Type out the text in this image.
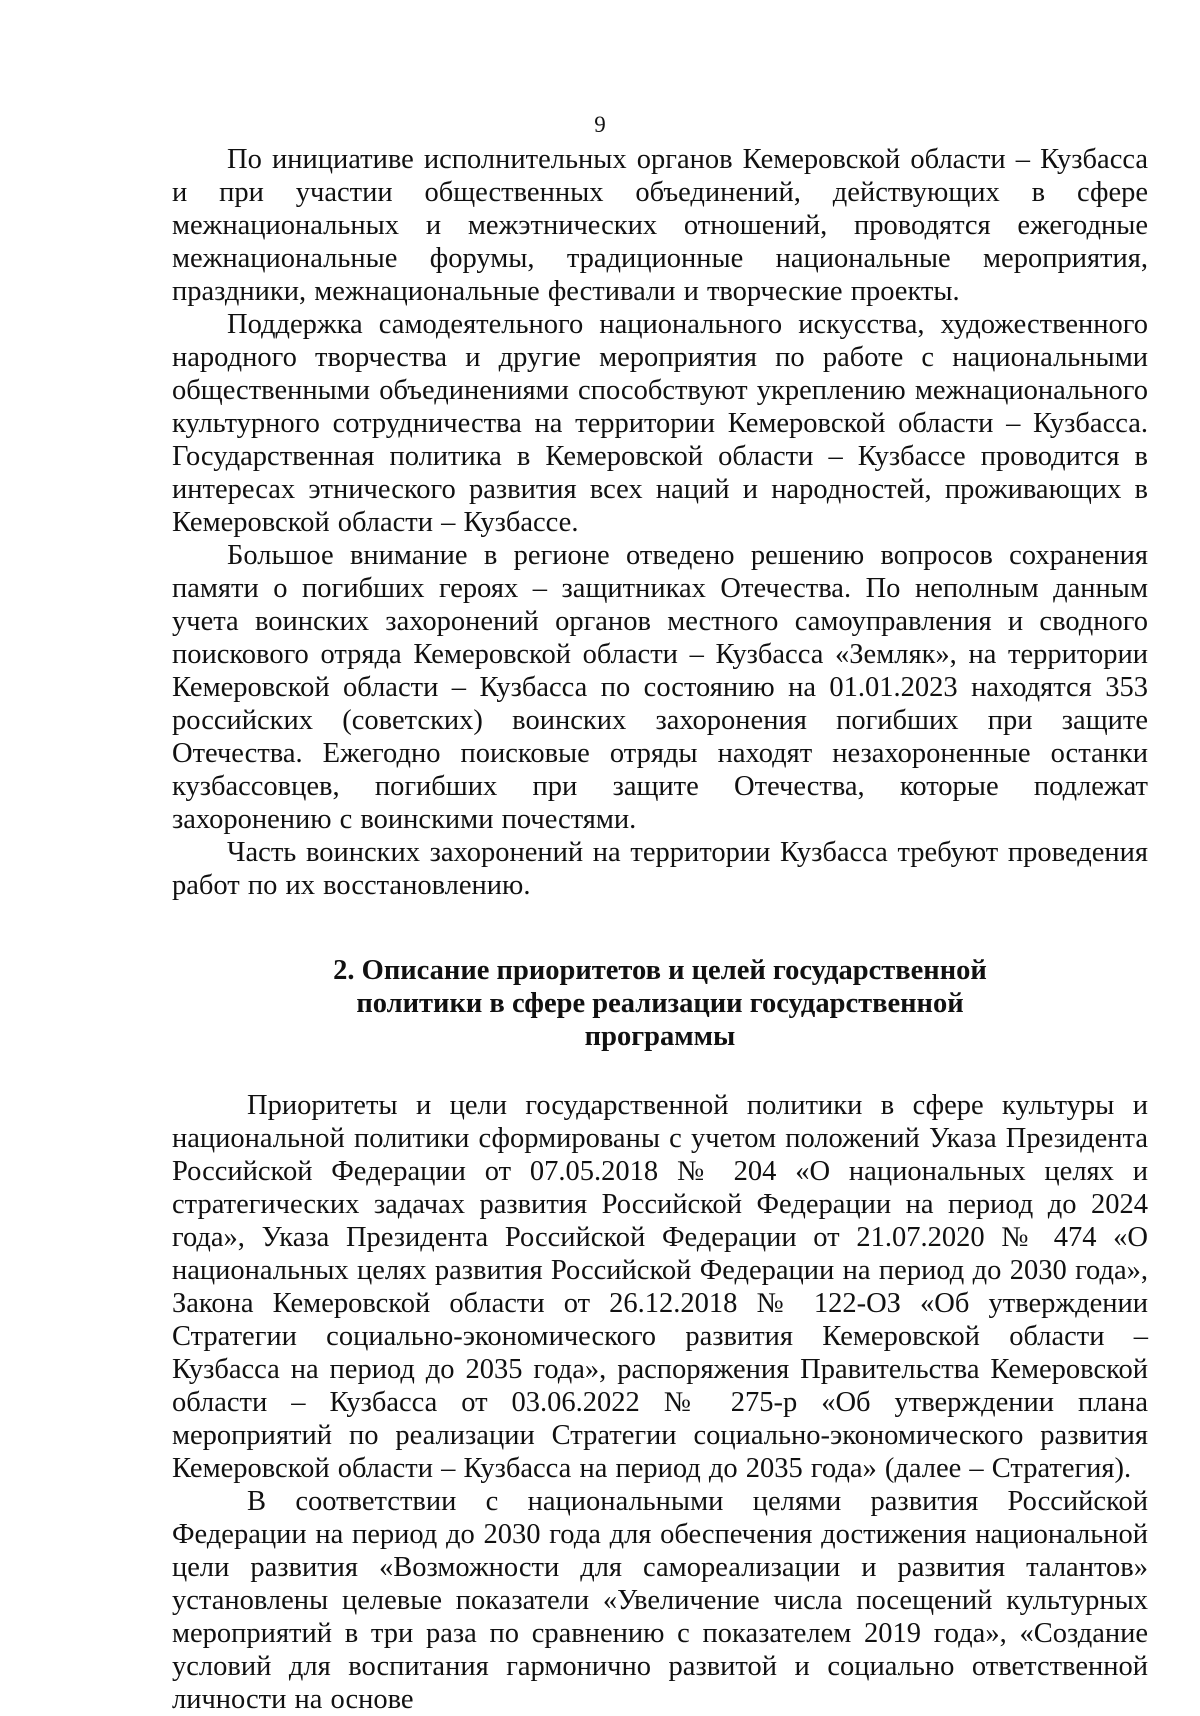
9

По инициативе исполнительных органов Кемеровской области – Кузбасса и при участии общественных объединений, действующих в сфере межнациональных и межэтнических отношений, проводятся ежегодные межнациональные форумы, традиционные национальные мероприятия, праздники, межнациональные фестивали и творческие проекты.

Поддержка самодеятельного национального искусства, художественного народного творчества и другие мероприятия по работе с национальными общественными объединениями способствуют укреплению межнационального культурного сотрудничества на территории Кемеровской области – Кузбасса. Государственная политика в Кемеровской области – Кузбассе проводится в интересах этнического развития всех наций и народностей, проживающих в Кемеровской области – Кузбассе.

Большое внимание в регионе отведено решению вопросов сохранения памяти о погибших героях – защитниках Отечества. По неполным данным учета воинских захоронений органов местного самоуправления и сводного поискового отряда Кемеровской области – Кузбасса «Земляк», на территории Кемеровской области – Кузбасса по состоянию на 01.01.2023 находятся 353 российских (советских) воинских захоронения погибших при защите Отечества. Ежегодно поисковые отряды находят незахороненные останки кузбассовцев, погибших при защите Отечества, которые подлежат захоронению с воинскими почестями.

Часть воинских захоронений на территории Кузбасса требуют проведения работ по их восстановлению.

2. Описание приоритетов и целей государственной
политики в сфере реализации государственной
программы

Приоритеты и цели государственной политики в сфере культуры и национальной политики сформированы с учетом положений Указа Президента Российской Федерации от 07.05.2018 № 204 «О национальных целях и стратегических задачах развития Российской Федерации на период до 2024 года», Указа Президента Российской Федерации от 21.07.2020 № 474 «О национальных целях развития Российской Федерации на период до 2030 года», Закона Кемеровской области от 26.12.2018 № 122-ОЗ «Об утверждении Стратегии социально-экономического развития Кемеровской области – Кузбасса на период до 2035 года», распоряжения Правительства Кемеровской области – Кузбасса от 03.06.2022 № 275-р «Об утверждении плана мероприятий по реализации Стратегии социально-экономического развития Кемеровской области – Кузбасса на период до 2035 года» (далее – Стратегия).

В соответствии с национальными целями развития Российской Федерации на период до 2030 года для обеспечения достижения национальной цели развития «Возможности для самореализации и развития талантов» установлены целевые показатели «Увеличение числа посещений культурных мероприятий в три раза по сравнению с показателем 2019 года», «Создание условий для воспитания гармонично развитой и социально ответственной личности на основе
